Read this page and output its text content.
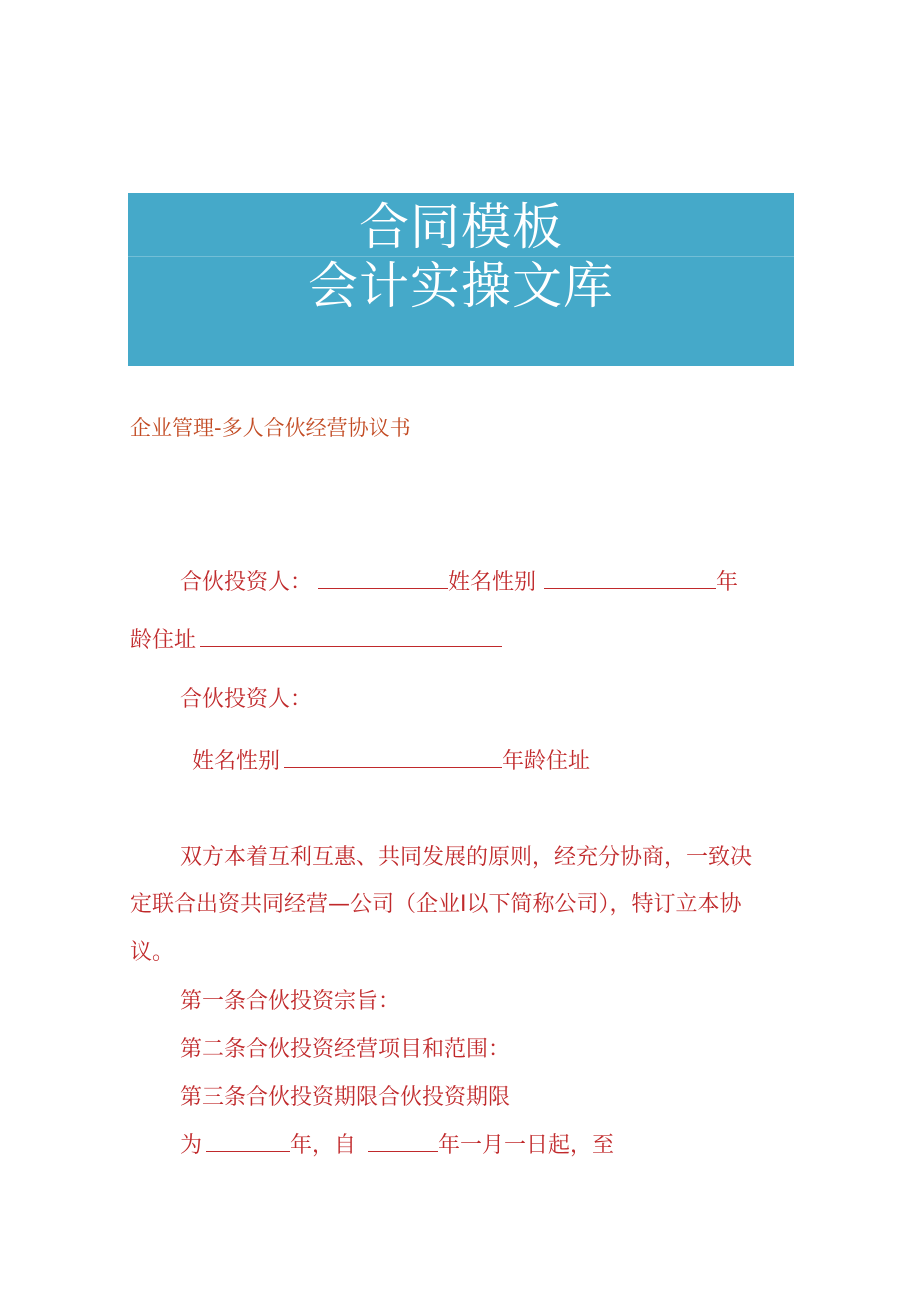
合同模板
会计实操文库
企业管理-多人合伙经营协议书
合伙投资人：	姓名性别	年
龄住址
合伙投资人：
姓名性别	年龄住址
双方本着互利互惠、共同发展的原则，经充分协商，一致决
定联合出资共同经营—公司（企业I以下简称公司），特订立本协
议。
第一条合伙投资宗旨：
第二条合伙投资经营项目和范围：
第三条合伙投资期限合伙投资期限
为	年，自	年一月一日起，至
